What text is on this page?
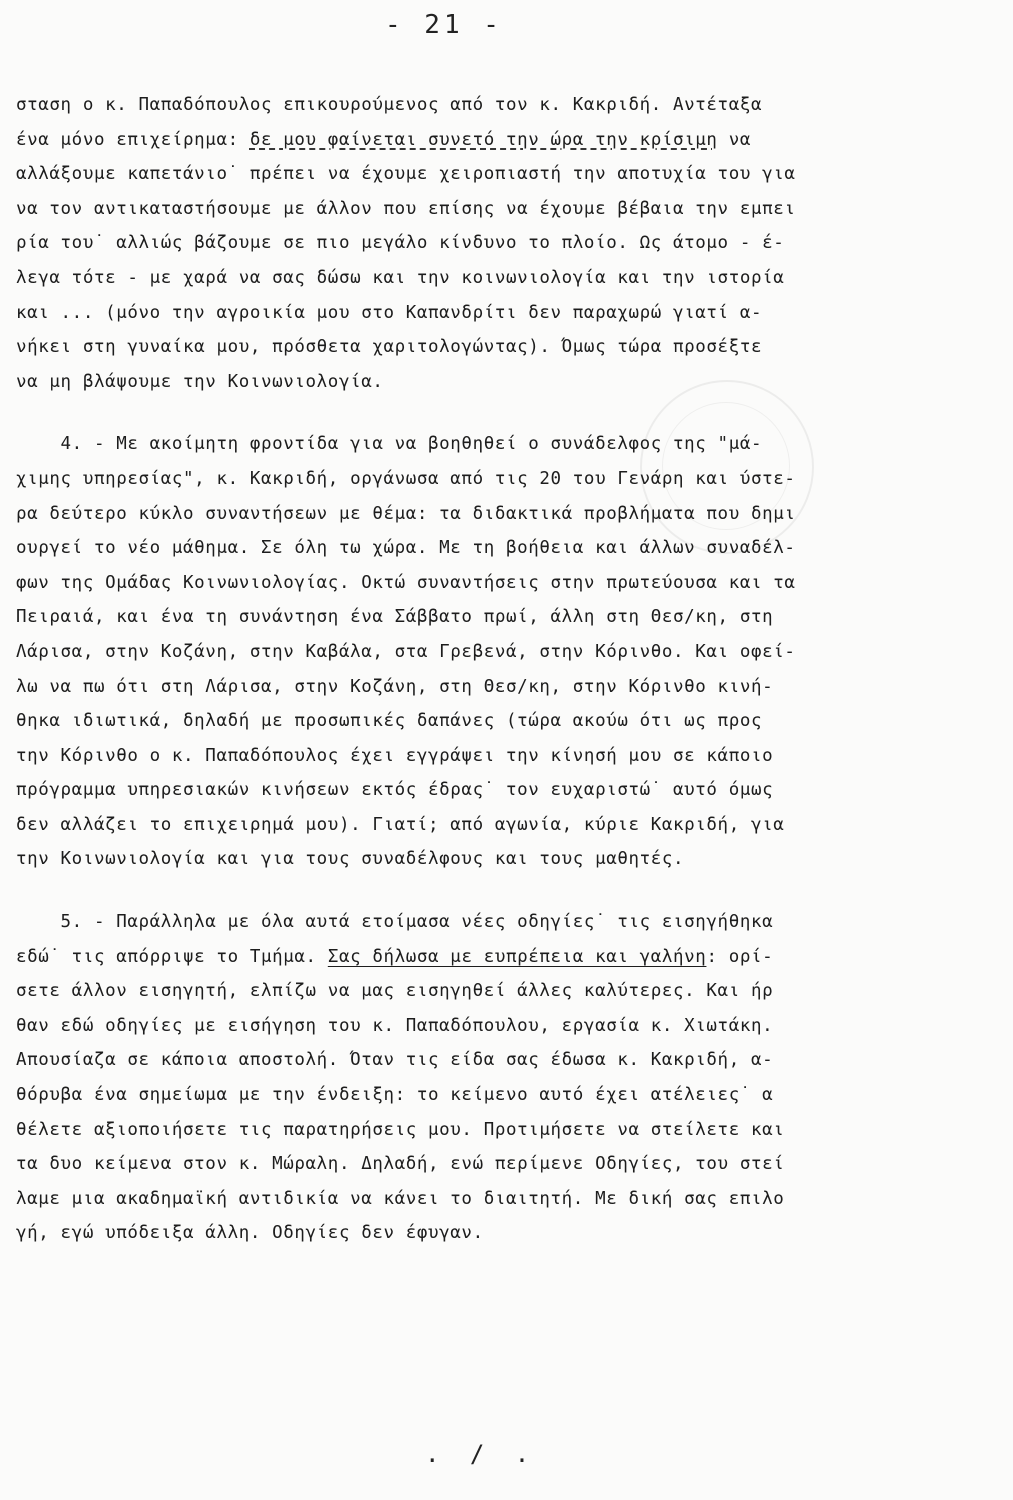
- 21 -
σταση ο κ. Παπαδόπουλος επικουρούμενος από τον κ. Κακριδή. Αντέταξα
ένα μόνο επιχείρημα: δε μου φαίνεται συνετό την ώρα την κρίσιμη να
αλλάξουμε καπετάνιο˙ πρέπει να έχουμε χειροπιαστή την αποτυχία του για
να τον αντικαταστήσουμε με άλλον που επίσης να έχουμε βέβαια την εμπει
ρία του˙ αλλιώς βάζουμε σε πιο μεγάλο κίνδυνο το πλοίο. Ως άτομο - έ-
λεγα τότε - με χαρά να σας δώσω και την κοινωνιολογία και την ιστορία
και ... (μόνο την αγροικία μου στο Καπανδρίτι δεν παραχωρώ γιατί α-
νήκει στη γυναίκα μου, πρόσθετα χαριτολογώντας). Όμως τώρα προσέξτε
να μη βλάψουμε την Κοινωνιολογία.
4. - Με ακοίμητη φροντίδα για να βοηθηθεί ο συνάδελφος της "μά-
χιμης υπηρεσίας", κ. Κακριδή, οργάνωσα από τις 20 του Γενάρη και ύστε-
ρα δεύτερο κύκλο συναντήσεων με θέμα: τα διδακτικά προβλήματα που δημι
ουργεί το νέο μάθημα. Σε όλη τω χώρα. Με τη βοήθεια και άλλων συναδέλ-
φων της Ομάδας Κοινωνιολογίας. Οκτώ συναντήσεις στην πρωτεύουσα και τα
Πειραιά, και ένα τη συνάντηση ένα Σάββατο πρωί, άλλη στη Θεσ/κη, στη
Λάρισα, στην Κοζάνη, στην Καβάλα, στα Γρεβενά, στην Κόρινθο. Και οφεί-
λω να πω ότι στη Λάρισα, στην Κοζάνη, στη Θεσ/κη, στην Κόρινθο κινή-
θηκα ιδιωτικά, δηλαδή με προσωπικές δαπάνες (τώρα ακούω ότι ως προς
την Κόρινθο ο κ. Παπαδόπουλος έχει εγγράψει την κίνησή μου σε κάποιο
πρόγραμμα υπηρεσιακών κινήσεων εκτός έδρας˙ τον ευχαριστώ˙ αυτό όμως
δεν αλλάζει το επιχειρημά μου). Γιατί; από αγωνία, κύριε Κακριδή, για
την Κοινωνιολογία και για τους συναδέλφους και τους μαθητές.
5. - Παράλληλα με όλα αυτά ετοίμασα νέες οδηγίες˙ τις εισηγήθηκα
εδώ˙ τις απόρριψε το Τμήμα. Σας δήλωσα με ευπρέπεια και γαλήνη: ορί-
σετε άλλον εισηγητή, ελπίζω να μας εισηγηθεί άλλες καλύτερες. Και ήρ
θαν εδώ οδηγίες με εισήγηση του κ. Παπαδόπουλου, εργασία κ. Χιωτάκη.
Απουσίαζα σε κάποια αποστολή. Όταν τις είδα σας έδωσα κ. Κακριδή, α-
θόρυβα ένα σημείωμα με την ένδειξη: το κείμενο αυτό έχει ατέλειες˙ α
θέλετε αξιοποιήσετε τις παρατηρήσεις μου. Προτιμήσετε να στείλετε και
τα δυο κείμενα στον κ. Μώραλη. Δηλαδή, ενώ περίμενε Οδηγίες, του στεί
λαμε μια ακαδημαϊκή αντιδικία να κάνει το διαιτητή. Με δική σας επιλο
γή, εγώ υπόδειξα άλλη. Οδηγίες δεν έφυγαν.
. / .
